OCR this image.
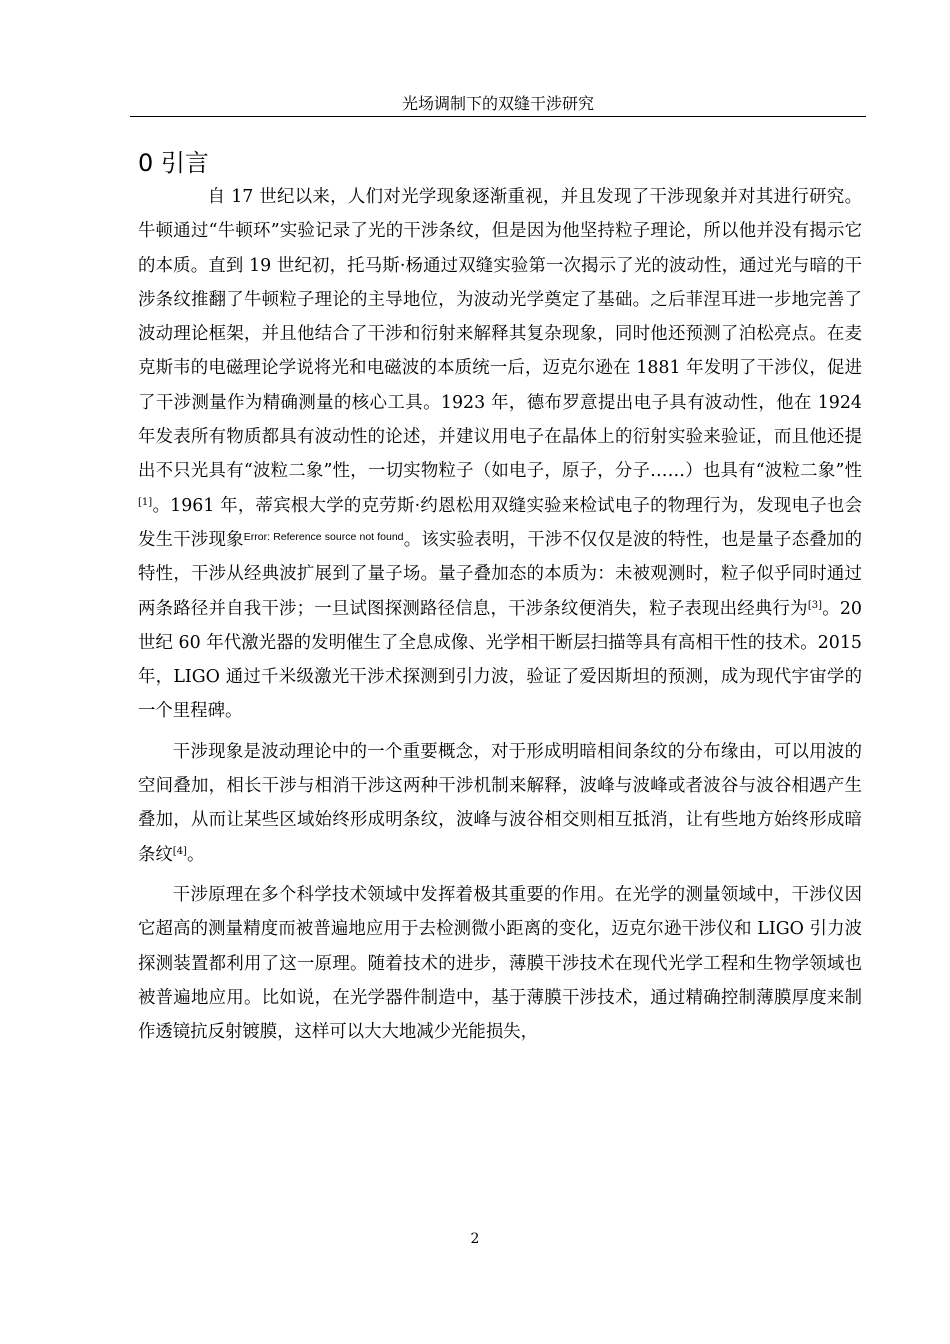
光场调制下的双缝干涉研究
0 引言

自 17 世纪以来，人们对光学现象逐渐重视，并且发现了干涉现象并对其进行研究。牛顿通过“牛顿环”实验记录了光的干涉条纹，但是因为他坚持粒子理论，所以他并没有揭示它的本质。直到 19 世纪初，托马斯·杨通过双缝实验第一次揭示了光的波动性，通过光与暗的干涉条纹推翻了牛顿粒子理论的主导地位，为波动光学奠定了基础。之后菲涅耳进一步地完善了波动理论框架，并且他结合了干涉和衍射来解释其复杂现象，同时他还预测了泊松亮点。在麦克斯韦的电磁理论学说将光和电磁波的本质统一后，迈克尔逊在 1881 年发明了干涉仪，促进了干涉测量作为精确测量的核心工具。1923 年，德布罗意提出电子具有波动性，他在 1924 年发表所有物质都具有波动性的论述，并建议用电子在晶体上的衍射实验来验证，而且他还提出不只光具有“波粒二象”性，一切实物粒子（如电子，原子，分子……）也具有“波粒二象”性[1]。1961 年，蒂宾根大学的克劳斯·约恩松用双缝实验来检试电子的物理行为，发现电子也会发生干涉现象$^{Error: Reference source not found}$。该实验表明，干涉不仅仅是波的特性，也是量子态叠加的特性，干涉从经典波扩展到了量子场。量子叠加态的本质为：未被观测时，粒子似乎同时通过两条路径并自我干涉；一旦试图探测路径信息，干涉条纹便消失，粒子表现出经典行为[3]。20 世纪 60 年代激光器的发明催生了全息成像、光学相干断层扫描等具有高相干性的技术。2015 年，LIGO 通过千米级激光干涉术探测到引力波，验证了爱因斯坦的预测，成为现代宇宙学的一个里程碑。

干涉现象是波动理论中的一个重要概念，对于形成明暗相间条纹的分布缘由，可以用波的空间叠加，相长干涉与相消干涉这两种干涉机制来解释，波峰与波峰或者波谷与波谷相遇产生叠加，从而让某些区域始终形成明条纹，波峰与波谷相交则相互抵消，让有些地方始终形成暗条纹[4]。

干涉原理在多个科学技术领域中发挥着极其重要的作用。在光学的测量领域中，干涉仪因它超高的测量精度而被普遍地应用于去检测微小距离的变化，迈克尔逊干涉仪和 LIGO 引力波探测装置都利用了这一原理。随着技术的进步，薄膜干涉技术在现代光学工程和生物学领域也被普遍地应用。比如说，在光学器件制造中，基于薄膜干涉技术，通过精确控制薄膜厚度来制作透镜抗反射镀膜，这样可以大大地减少光能损失，

2
